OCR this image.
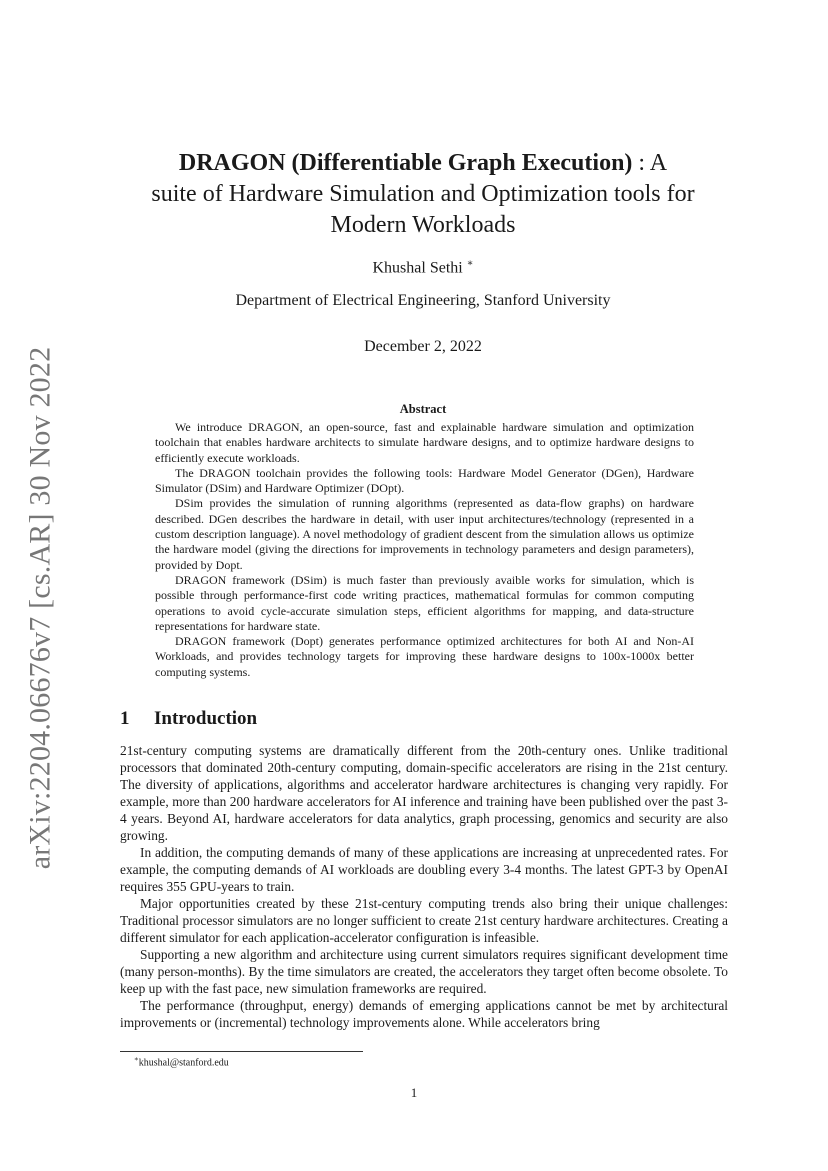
arXiv:2204.06676v7 [cs.AR] 30 Nov 2022
DRAGON (Differentiable Graph Execution) : A
suite of Hardware Simulation and Optimization tools for
Modern Workloads
Khushal Sethi ∗
Department of Electrical Engineering, Stanford University
December 2, 2022
Abstract

We introduce DRAGON, an open-source, fast and explainable hardware simulation and optimization toolchain that enables hardware architects to simulate hardware designs, and to optimize hardware designs to efficiently execute workloads.

The DRAGON toolchain provides the following tools: Hardware Model Generator (DGen), Hardware Simulator (DSim) and Hardware Optimizer (DOpt).

DSim provides the simulation of running algorithms (represented as data-flow graphs) on hardware described. DGen describes the hardware in detail, with user input architectures/technology (represented in a custom description language). A novel methodology of gradient descent from the simulation allows us optimize the hardware model (giving the directions for improvements in technology parameters and design parameters), provided by Dopt.

DRAGON framework (DSim) is much faster than previously avaible works for simulation, which is possible through performance-first code writing practices, mathematical formulas for common computing operations to avoid cycle-accurate simulation steps, efficient algorithms for mapping, and data-structure representations for hardware state.

DRAGON framework (Dopt) generates performance optimized architectures for both AI and Non-AI Workloads, and provides technology targets for improving these hardware designs to 100x-1000x better computing systems.

1 Introduction

21st-century computing systems are dramatically different from the 20th-century ones. Unlike traditional processors that dominated 20th-century computing, domain-specific accelerators are rising in the 21st century. The diversity of applications, algorithms and accelerator hardware architectures is changing very rapidly. For example, more than 200 hardware accelerators for AI inference and training have been published over the past 3-4 years. Beyond AI, hardware accelerators for data analytics, graph processing, genomics and security are also growing.

In addition, the computing demands of many of these applications are increasing at unprecedented rates. For example, the computing demands of AI workloads are doubling every 3-4 months. The latest GPT-3 by OpenAI requires 355 GPU-years to train.

Major opportunities created by these 21st-century computing trends also bring their unique challenges: Traditional processor simulators are no longer sufficient to create 21st century hardware architectures. Creating a different simulator for each application-accelerator configuration is infeasible.

Supporting a new algorithm and architecture using current simulators requires significant development time (many person-months). By the time simulators are created, the accelerators they target often become obsolete. To keep up with the fast pace, new simulation frameworks are required.

The performance (throughput, energy) demands of emerging applications cannot be met by architectural improvements or (incremental) technology improvements alone. While accelerators bring

∗khushal@stanford.edu
1
